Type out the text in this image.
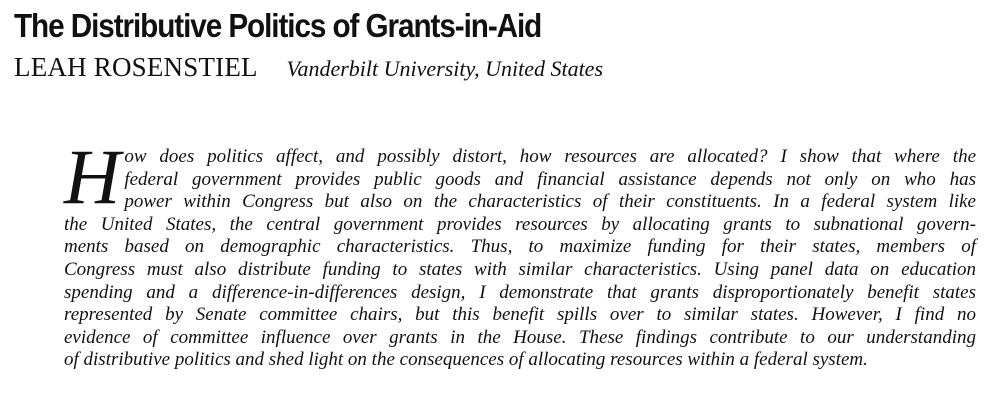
The Distributive Politics of Grants-in-Aid
LEAH ROSENSTIEL Vanderbilt University, United States
H ow does politics affect, and possibly distort, how resources are allocated? I show that where the
federal government provides public goods and financial assistance depends not only on who has
power within Congress but also on the characteristics of their constituents. In a federal system like
the United States, the central government provides resources by allocating grants to subnational govern-
ments based on demographic characteristics. Thus, to maximize funding for their states, members of
Congress must also distribute funding to states with similar characteristics. Using panel data on education
spending and a difference-in-differences design, I demonstrate that grants disproportionately benefit states
represented by Senate committee chairs, but this benefit spills over to similar states. However, I find no
evidence of committee influence over grants in the House. These findings contribute to our understanding
of distributive politics and shed light on the consequences of allocating resources within a federal system.
